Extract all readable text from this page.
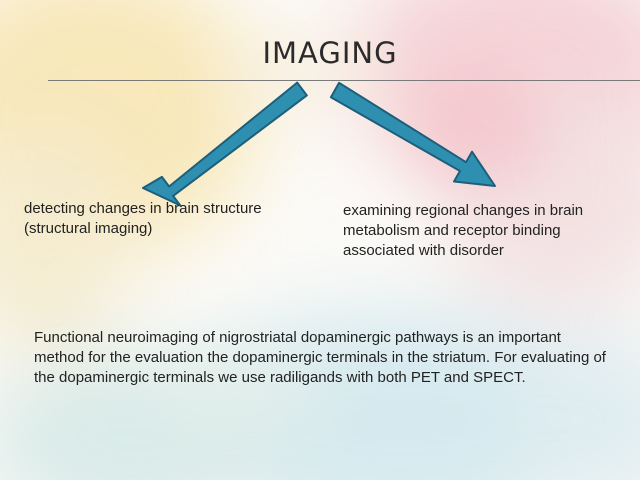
IMAGING
detecting changes in brain structure (structural imaging)
examining regional changes in brain metabolism and receptor binding associated with disorder
Functional neuroimaging of nigrostriatal dopaminergic pathways is an important method for the evaluation the dopaminergic terminals in the striatum. For evaluating of the dopaminergic terminals we use radiligands with both PET and SPECT.
